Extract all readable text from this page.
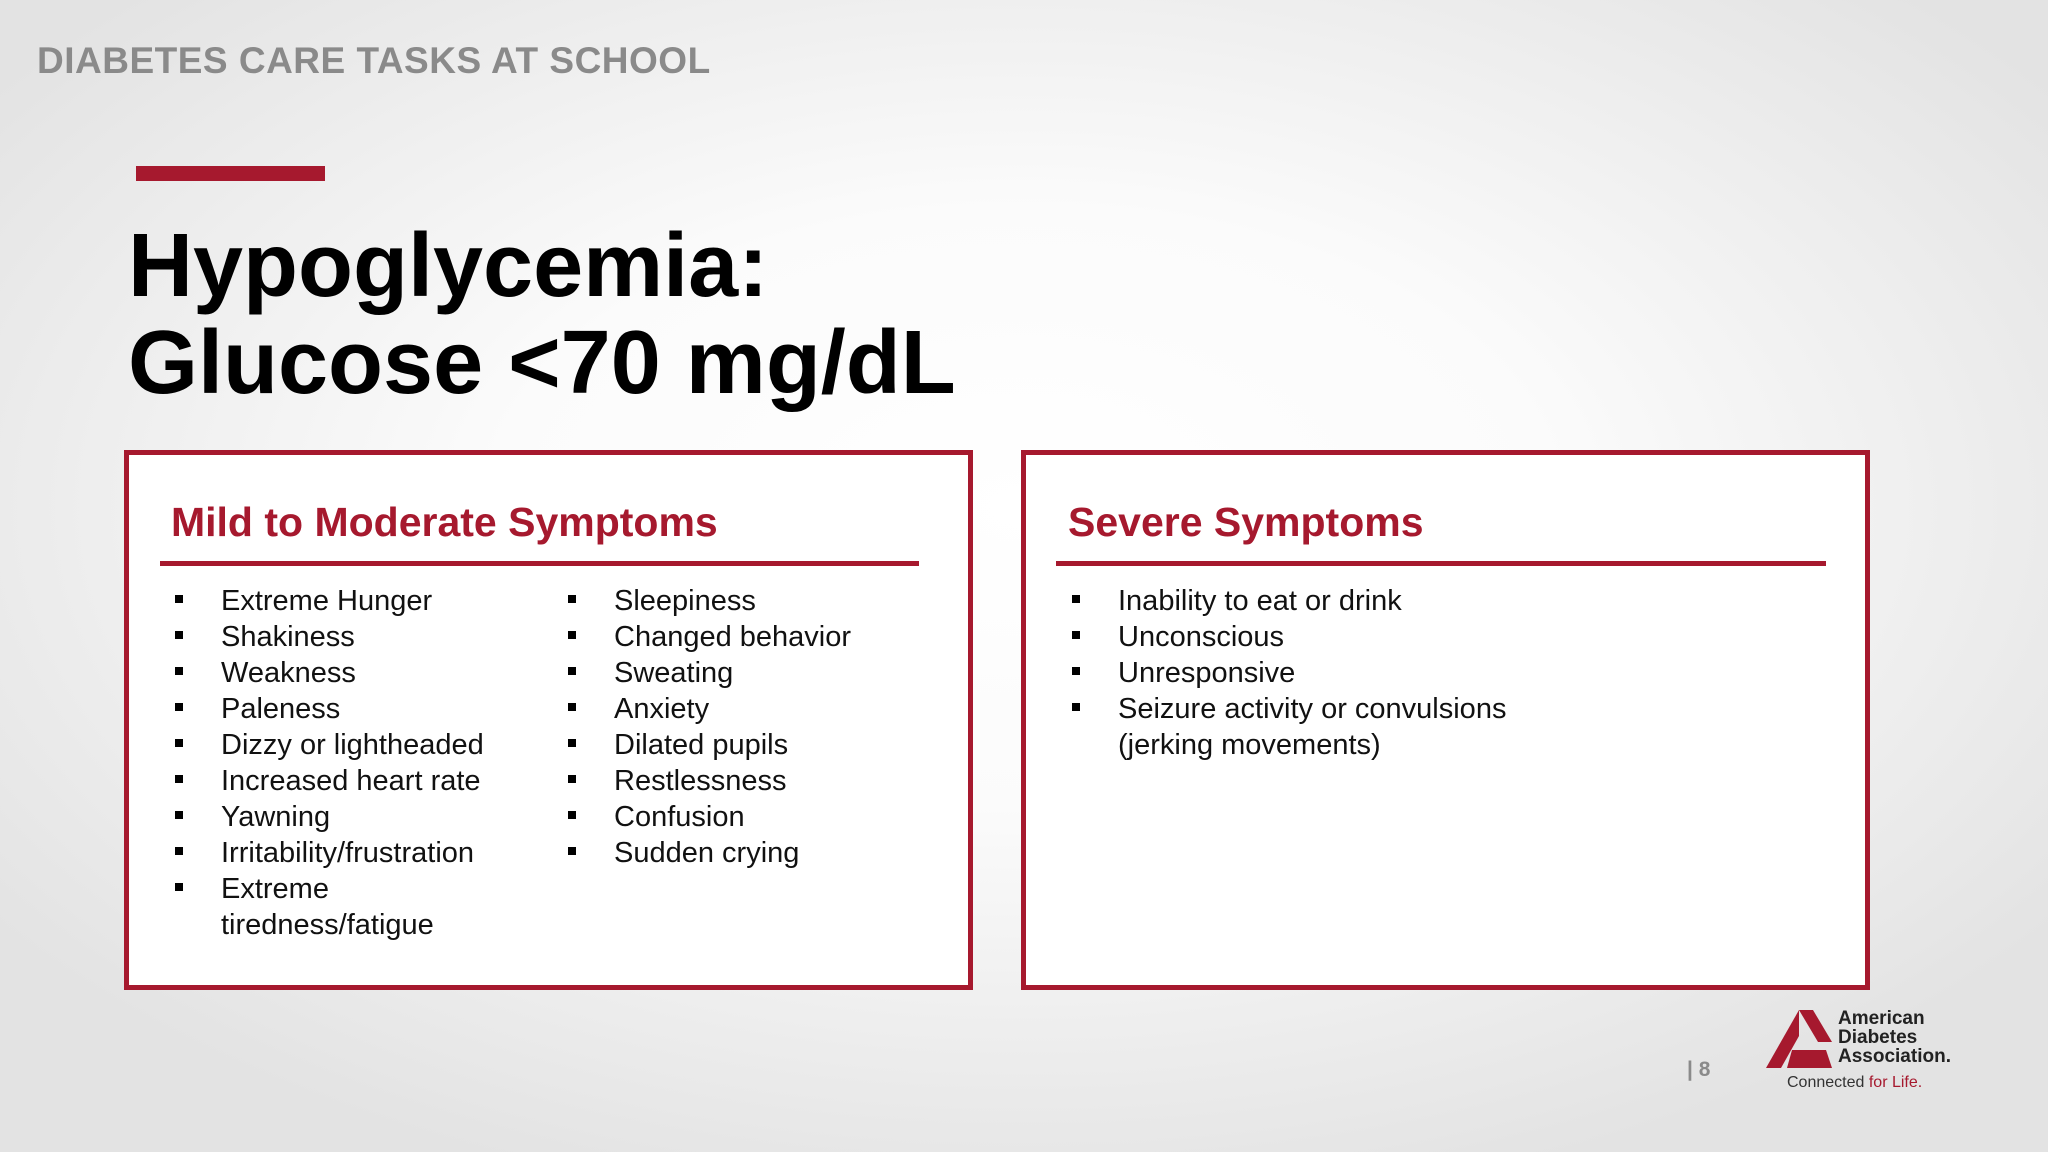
DIABETES CARE TASKS AT SCHOOL
Hypoglycemia:
Glucose <70 mg/dL
Mild to Moderate Symptoms
Extreme Hunger
Shakiness
Weakness
Paleness
Dizzy or lightheaded
Increased heart rate
Yawning
Irritability/frustration
Extreme tiredness/fatigue
Sleepiness
Changed behavior
Sweating
Anxiety
Dilated pupils
Restlessness
Confusion
Sudden crying
Severe Symptoms
Inability to eat or drink
Unconscious
Unresponsive
Seizure activity or convulsions (jerking movements)
| 8
American
Diabetes
Association.
Connected for Life.
